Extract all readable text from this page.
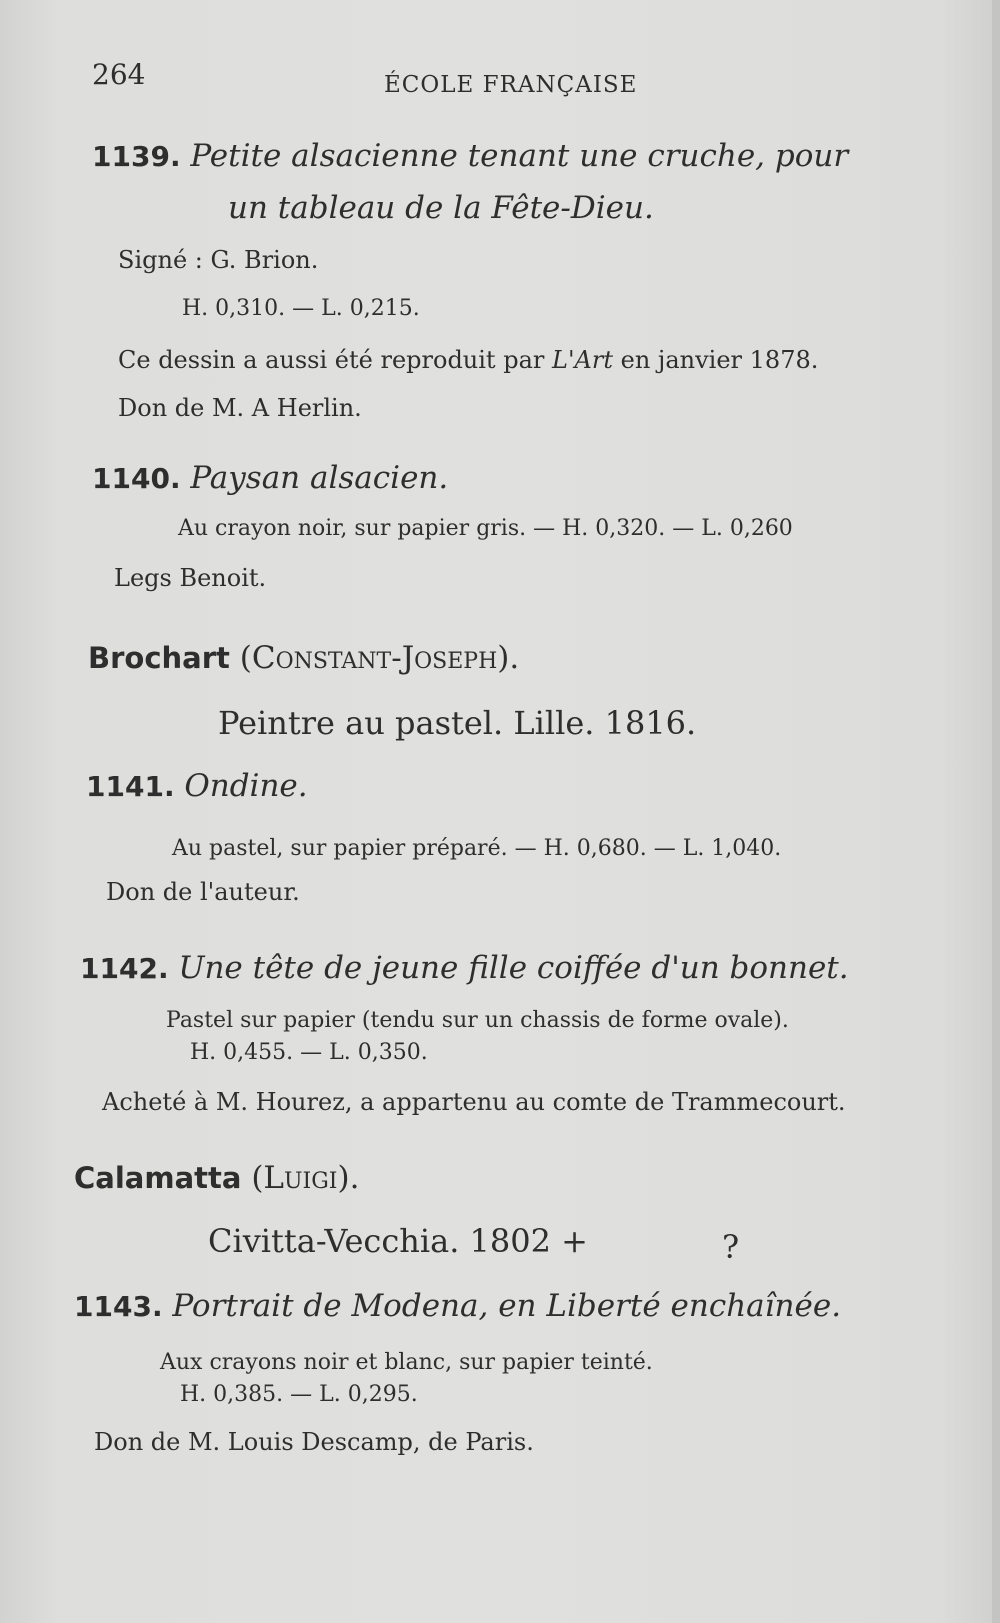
264	ÉCOLE FRANÇAISE
1139. Petite alsacienne tenant une cruche, pour
un tableau de la Fête-Dieu.
Signé : G. Brion.
H. 0,310. — L. 0,215.
Ce dessin a aussi été reproduit par L'Art en janvier 1878.
Don de M. A Herlin.
1140. Paysan alsacien.
Au crayon noir, sur papier gris. — H. 0,320. — L. 0,260
Legs Benoit.
Brochart (Constant-Joseph).
Peintre au pastel. Lille. 1816.
1141. Ondine.
Au pastel, sur papier préparé. — H. 0,680. — L. 1,040.
Don de l'auteur.
1142. Une tête de jeune fille coiffée d'un bonnet.
Pastel sur papier (tendu sur un chassis de forme ovale).
H. 0,455. — L. 0,350.
Acheté à M. Hourez, a appartenu au comte de Trammecourt.
Calamatta (Luigi).
Civitta-Vecchia. 1802 +	?
1143. Portrait de Modena, en Liberté enchaînée.
Aux crayons noir et blanc, sur papier teinté.
H. 0,385. — L. 0,295.
Don de M. Louis Descamp, de Paris.
